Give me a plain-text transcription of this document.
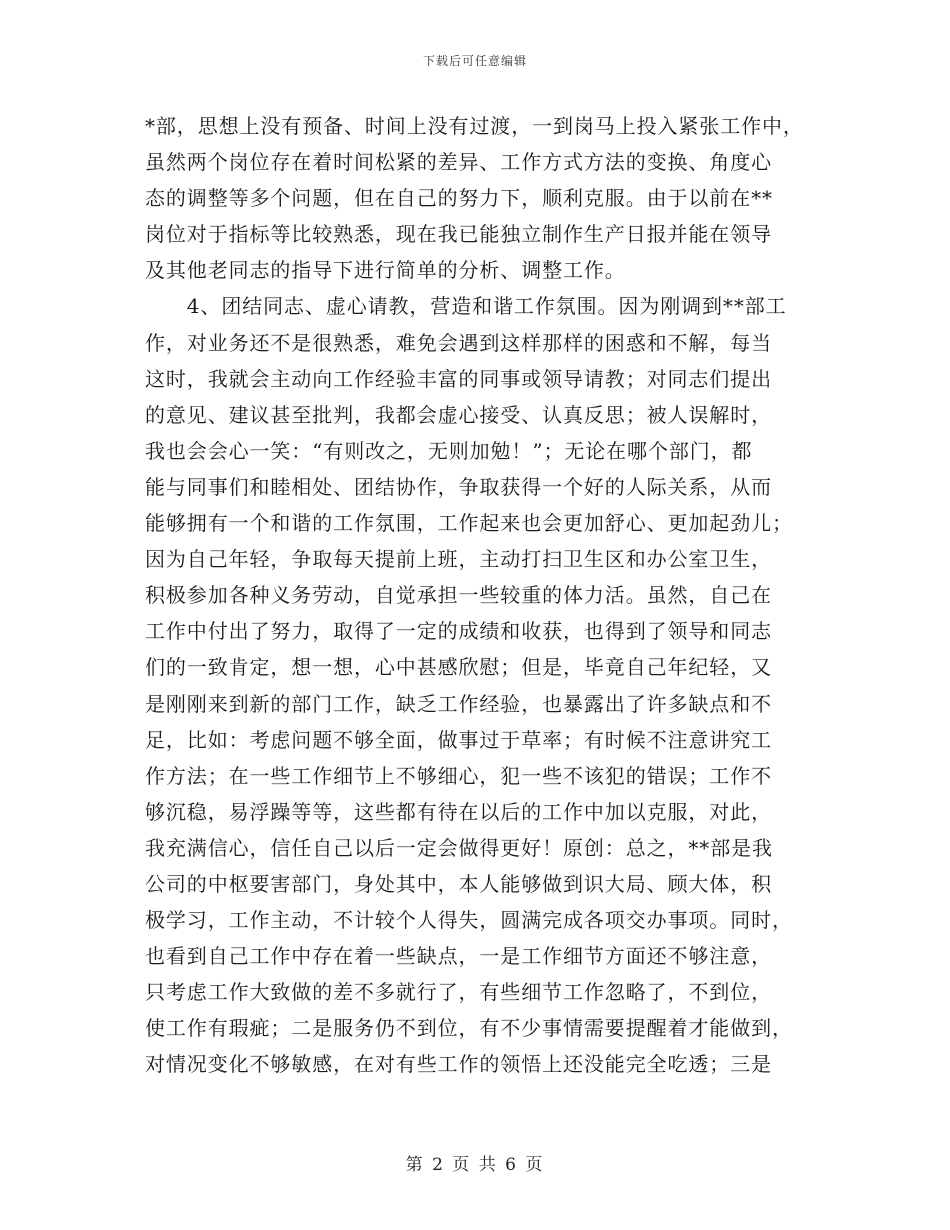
下载后可任意编辑
*部，思想上没有预备、时间上没有过渡，一到岗马上投入紧张工作中，
虽然两个岗位存在着时间松紧的差异、工作方式方法的变换、角度心
态的调整等多个问题，但在自己的努力下，顺利克服。由于以前在**
岗位对于指标等比较熟悉，现在我已能独立制作生产日报并能在领导
及其他老同志的指导下进行简单的分析、调整工作。
　　4、团结同志、虚心请教，营造和谐工作氛围。因为刚调到**部工
作，对业务还不是很熟悉，难免会遇到这样那样的困惑和不解，每当
这时，我就会主动向工作经验丰富的同事或领导请教；对同志们提出
的意见、建议甚至批判，我都会虚心接受、认真反思；被人误解时，
我也会会心一笑：“有则改之，无则加勉！”；无论在哪个部门，都
能与同事们和睦相处、团结协作，争取获得一个好的人际关系，从而
能够拥有一个和谐的工作氛围，工作起来也会更加舒心、更加起劲儿；
因为自己年轻，争取每天提前上班，主动打扫卫生区和办公室卫生，
积极参加各种义务劳动，自觉承担一些较重的体力活。虽然，自己在
工作中付出了努力，取得了一定的成绩和收获，也得到了领导和同志
们的一致肯定，想一想，心中甚感欣慰；但是，毕竟自己年纪轻，又
是刚刚来到新的部门工作，缺乏工作经验，也暴露出了许多缺点和不
足，比如：考虑问题不够全面，做事过于草率；有时候不注意讲究工
作方法；在一些工作细节上不够细心，犯一些不该犯的错误；工作不
够沉稳，易浮躁等等，这些都有待在以后的工作中加以克服，对此，
我充满信心，信任自己以后一定会做得更好！原创：总之，**部是我
公司的中枢要害部门，身处其中，本人能够做到识大局、顾大体，积
极学习，工作主动，不计较个人得失，圆满完成各项交办事项。同时，
也看到自己工作中存在着一些缺点，一是工作细节方面还不够注意，
只考虑工作大致做的差不多就行了，有些细节工作忽略了，不到位，
使工作有瑕疵；二是服务仍不到位，有不少事情需要提醒着才能做到，
对情况变化不够敏感，在对有些工作的领悟上还没能完全吃透；三是
第 2 页 共 6 页
